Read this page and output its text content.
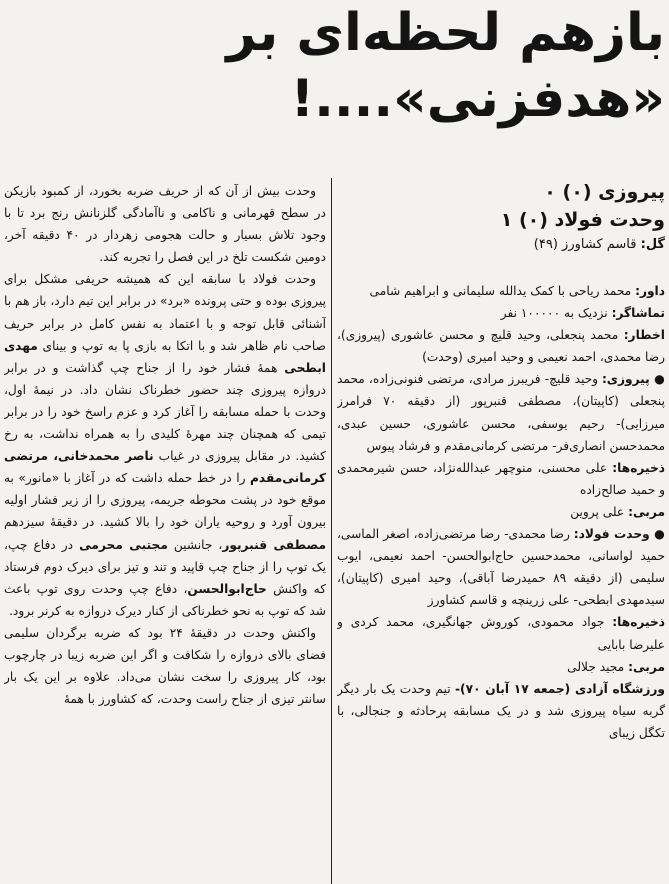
بازهم لحظه‌ای بر
«هدفزنی»....!
پیروزی (۰) ۰
وحدت فولاد (۰) ۱
گل: قاسم کشاورز (۴۹)

داور: محمد ریاحی با کمک یدالله سلیمانی و ابراهیم شامی

تماشاگر: نزدیک به ۱۰۰۰۰۰ نفر

اخطار: محمد پنجعلی، وحید قلیچ و محسن عاشوری (پیروزی)، رضا محمدی، احمد نعیمی و وحید امیری (وحدت)

● پیروزی: وحید قلیچ- فریبرز مرادی، مرتضی فنونی‌زاده، محمد پنجعلی (کاپیتان)، مصطفی قنبرپور (از دقیقه ۷۰ فرامرز میرزایی)- رحیم یوسفی، محسن عاشوری، حسین عبدی، محمدحسن انصاری‌فر- مرتضی کرمانی‌مقدم و فرشاد پیوس

ذخیره‌ها: علی محسنی، منوچهر عبدالله‌نژاد، حسن شیرمحمدی و حمید صالح‌زاده

مربی: علی پروین

● وحدت فولاد: رضا محمدی- رضا مرتضی‌زاده، اصغر الماسی، حمید لواسانی، محمدحسین حاج‌ابوالحسن- احمد نعیمی، ایوب سلیمی (از دقیقه ۸۹ حمیدرضا آباقی)، وحید امیری (کاپیتان)، سیدمهدی ابطحی- علی زرینچه و قاسم کشاورز

ذخیره‌ها: جواد محمودی، کوروش جهانگیری، محمد کردی و علیرضا بابایی

مربی: مجید جلالی

ورزشگاه آزادی (جمعه ۱۷ آبان ۷۰)- تیم وحدت یک بار دیگر گربه سیاه پیروزی شد و در یک مسابقه پرحادثه و جنجالی، با تکگل زیبای

وحدت بیش از آن که از حریف ضربه بخورد، از کمبود بازیکن در سطح قهرمانی و ناکامی و ناآمادگی گلزنانش رنج برد تا با وجود تلاش بسیار و حالت هجومی زهردار در ۴۰ دقیقه آخر، دومین شکست تلخ در این فصل را تجربه کند.

وحدت فولاد با سابقه این که همیشه حریفی مشکل برای پیروزی بوده و حتی پرونده «برد» در برابر این تیم دارد، باز هم با آشنائی قابل توجه و با اعتماد به نفس کامل در برابر حریف صاحب نام ظاهر شد و با اتکا به بازی پا به توپ و بینای مهدی ابطحی همهٔ فشار خود را از جناح چپ گذاشت و در برابر دروازه پیروزی چند حضور خطرناک نشان داد. در نیمهٔ اول، وحدت با حمله مسابقه را آغاز کرد و عزم راسخ خود را در برابر تیمی که همچنان چند مهرهٔ کلیدی را به همراه نداشت، به رخ کشید. در مقابل پیروزی در غیاب ناصر محمدخانی، مرتضی کرمانی‌مقدم را در خط حمله داشت که در آغاز با «مانور» به موقع خود در پشت محوطه جریمه، پیروزی را از زیر فشار اولیه بیرون آورد و روحیه یاران خود را بالا کشید. در دقیقهٔ سیزدهم مصطفی قنبرپور، جانشین مجتبی محرمی در دفاع چپ، یک توپ را از جناح چپ قاپید و تند و تیز برای دیرک دوم فرستاد که واکنش حاج‌ابوالحسن، دفاع چپ وحدت روی توپ باعث شد که توپ به نحو خطرناکی از کنار دیرک دروازه به کرنر برود.

واکنش وحدت در دقیقهٔ ۲۴ بود که ضربه برگردان سلیمی فضای بالای دروازه را شکافت و اگر این ضربه زیبا در چارچوب بود، کار پیروزی را سخت نشان می‌داد. علاوه بر این یک بار سانتر تیزی از جناح راست وحدت، که کشاورز با همهٔ
